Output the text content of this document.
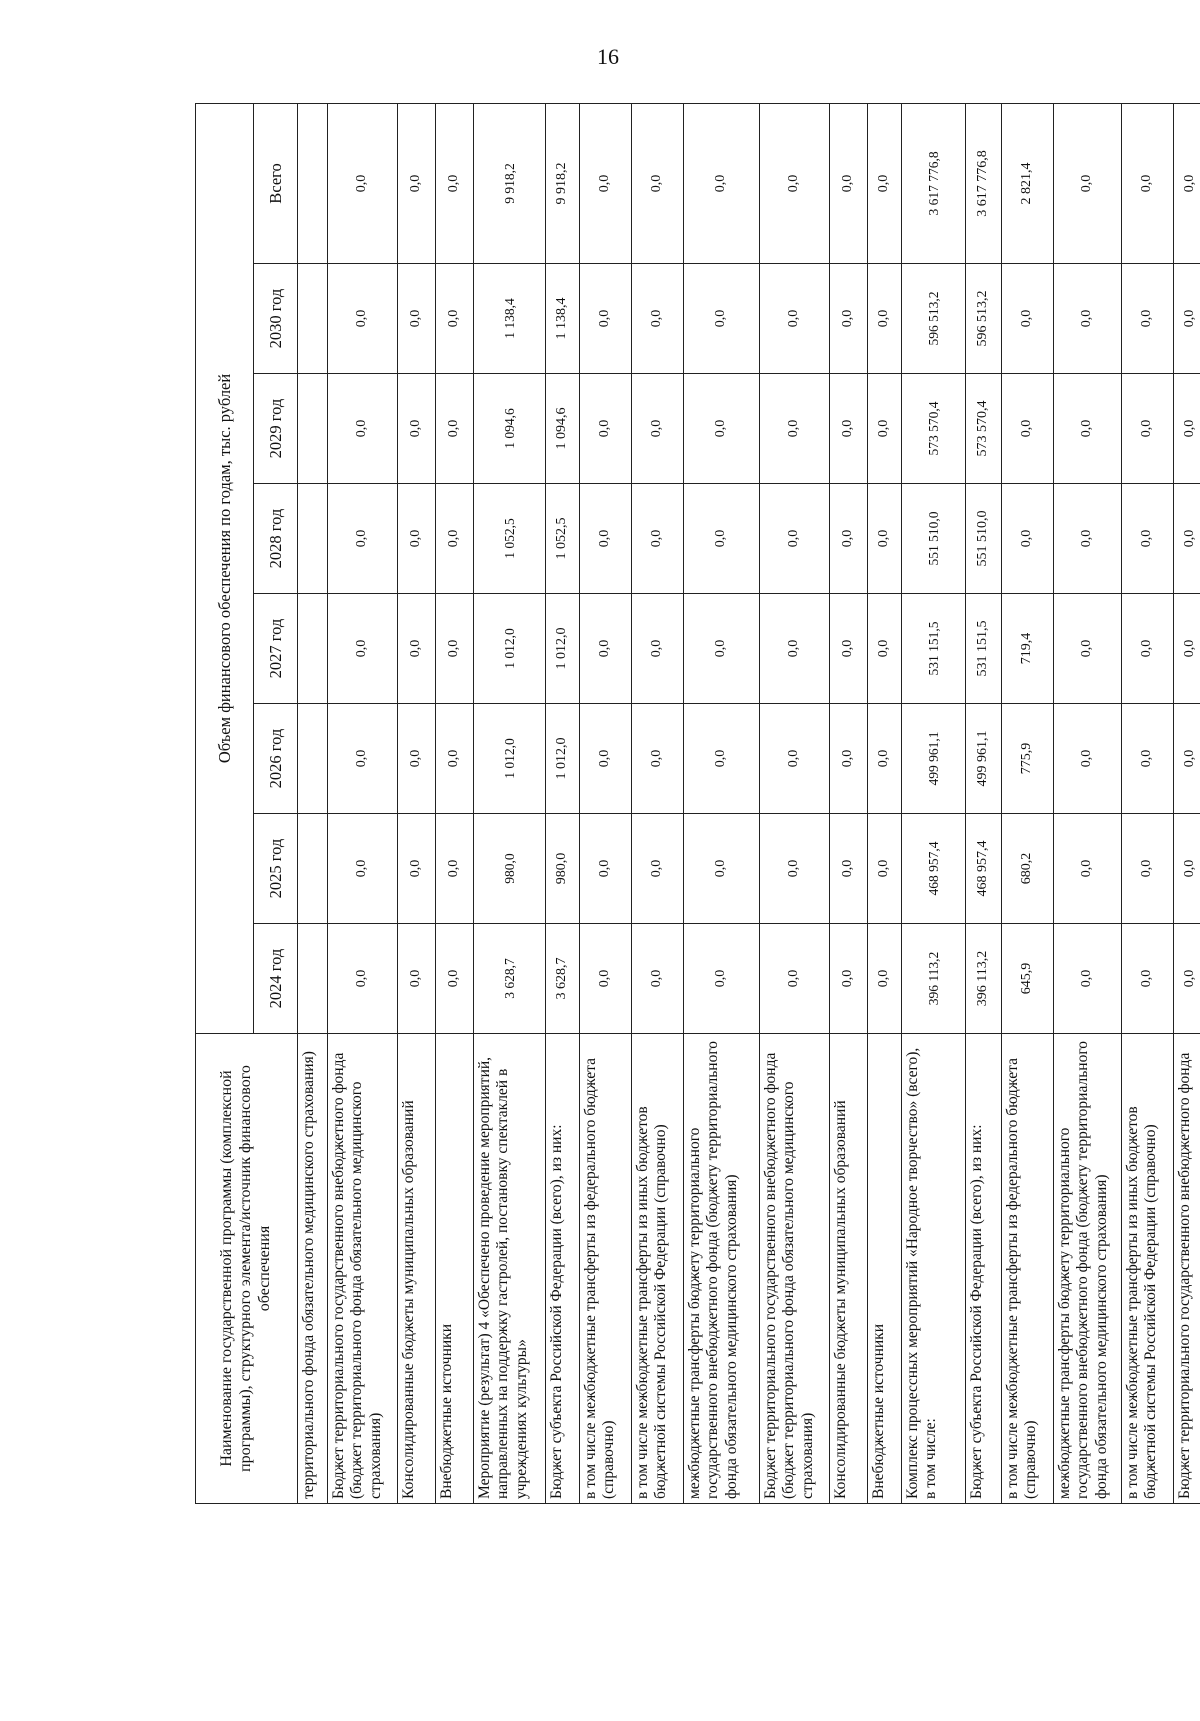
16
Наименование государственной программы (комплексной программы), структурного элемента/источник финансового обеспечения	Объем финансового обеспечения по годам, тыс. рублей							
	2024 год	2025 год	2026 год	2027 год	2028 год	2029 год	2030 год	Всего
территориального фонда обязательного медицинского страхования)								
Бюджет территориального государственного внебюджетного фонда (бюджет территориального фонда обязательного медицинского страхования)	0,0	0,0	0,0	0,0	0,0	0,0	0,0	0,0
Консолидированные бюджеты муниципальных образований	0,0	0,0	0,0	0,0	0,0	0,0	0,0	0,0
Внебюджетные источники	0,0	0,0	0,0	0,0	0,0	0,0	0,0	0,0
Мероприятие (результат) 4 «Обеспечено проведение мероприятий, направленных на поддержку гастролей, постановку спектаклей в учреждениях культуры»	3 628,7	980,0	1 012,0	1 012,0	1 052,5	1 094,6	1 138,4	9 918,2
Бюджет субъекта Российской Федерации (всего), из них:	3 628,7	980,0	1 012,0	1 012,0	1 052,5	1 094,6	1 138,4	9 918,2
в том числе межбюджетные трансферты из федерального бюджета (справочно)	0,0	0,0	0,0	0,0	0,0	0,0	0,0	0,0
в том числе межбюджетные трансферты из иных бюджетов бюджетной системы Российской Федерации (справочно)	0,0	0,0	0,0	0,0	0,0	0,0	0,0	0,0
межбюджетные трансферты бюджету территориального государственного внебюджетного фонда (бюджету территориального фонда обязательного медицинского страхования)	0,0	0,0	0,0	0,0	0,0	0,0	0,0	0,0
Бюджет территориального государственного внебюджетного фонда (бюджет территориального фонда обязательного медицинского страхования)	0,0	0,0	0,0	0,0	0,0	0,0	0,0	0,0
Консолидированные бюджеты муниципальных образований	0,0	0,0	0,0	0,0	0,0	0,0	0,0	0,0
Внебюджетные источники	0,0	0,0	0,0	0,0	0,0	0,0	0,0	0,0
Комплекс процессных мероприятий «Народное творчество» (всего), в том числе:	396 113,2	468 957,4	499 961,1	531 151,5	551 510,0	573 570,4	596 513,2	3 617 776,8
Бюджет субъекта Российской Федерации (всего), из них:	396 113,2	468 957,4	499 961,1	531 151,5	551 510,0	573 570,4	596 513,2	3 617 776,8
в том числе межбюджетные трансферты из федерального бюджета (справочно)	645,9	680,2	775,9	719,4	0,0	0,0	0,0	2 821,4
межбюджетные трансферты бюджету территориального государственного внебюджетного фонда (бюджету территориального фонда обязательного медицинского страхования)	0,0	0,0	0,0	0,0	0,0	0,0	0,0	0,0
в том числе межбюджетные трансферты из иных бюджетов бюджетной системы Российской Федерации (справочно)	0,0	0,0	0,0	0,0	0,0	0,0	0,0	0,0
Бюджет территориального государственного внебюджетного фонда	0,0	0,0	0,0	0,0	0,0	0,0	0,0	0,0
